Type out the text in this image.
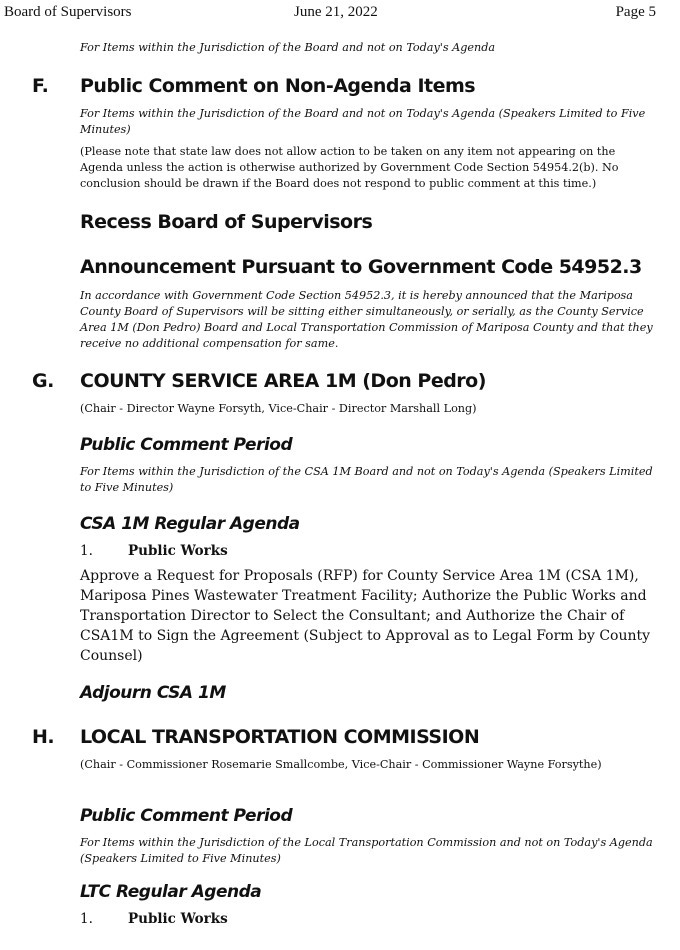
Board of Supervisors	June 21, 2022	Page 5
For Items within the Jurisdiction of the Board and not on Today's Agenda
F. Public Comment on Non-Agenda Items
For Items within the Jurisdiction of the Board and not on Today's Agenda (Speakers Limited to Five Minutes)
(Please note that state law does not allow action to be taken on any item not appearing on the Agenda unless the action is otherwise authorized by Government Code Section 54954.2(b). No conclusion should be drawn if the Board does not respond to public comment at this time.)
Recess Board of Supervisors
Announcement Pursuant to Government Code 54952.3
In accordance with Government Code Section 54952.3, it is hereby announced that the Mariposa County Board of Supervisors will be sitting either simultaneously, or serially, as the County Service Area 1M (Don Pedro) Board and Local Transportation Commission of Mariposa County and that they receive no additional compensation for same.
G. COUNTY SERVICE AREA 1M (Don Pedro)
(Chair - Director Wayne Forsyth, Vice-Chair - Director Marshall Long)
Public Comment Period
For Items within the Jurisdiction of the CSA 1M Board and not on Today's Agenda (Speakers Limited to Five Minutes)
CSA 1M Regular Agenda
1.	Public Works
Approve a Request for Proposals (RFP) for County Service Area 1M (CSA 1M), Mariposa Pines Wastewater Treatment Facility; Authorize the Public Works and Transportation Director to Select the Consultant; and Authorize the Chair of CSA1M to Sign the Agreement (Subject to Approval as to Legal Form by County Counsel)
Adjourn CSA 1M
H. LOCAL TRANSPORTATION COMMISSION
(Chair - Commissioner Rosemarie Smallcombe, Vice-Chair - Commissioner Wayne Forsythe)
Public Comment Period
For Items within the Jurisdiction of the Local Transportation Commission and not on Today's Agenda (Speakers Limited to Five Minutes)
LTC Regular Agenda
1.	Public Works
